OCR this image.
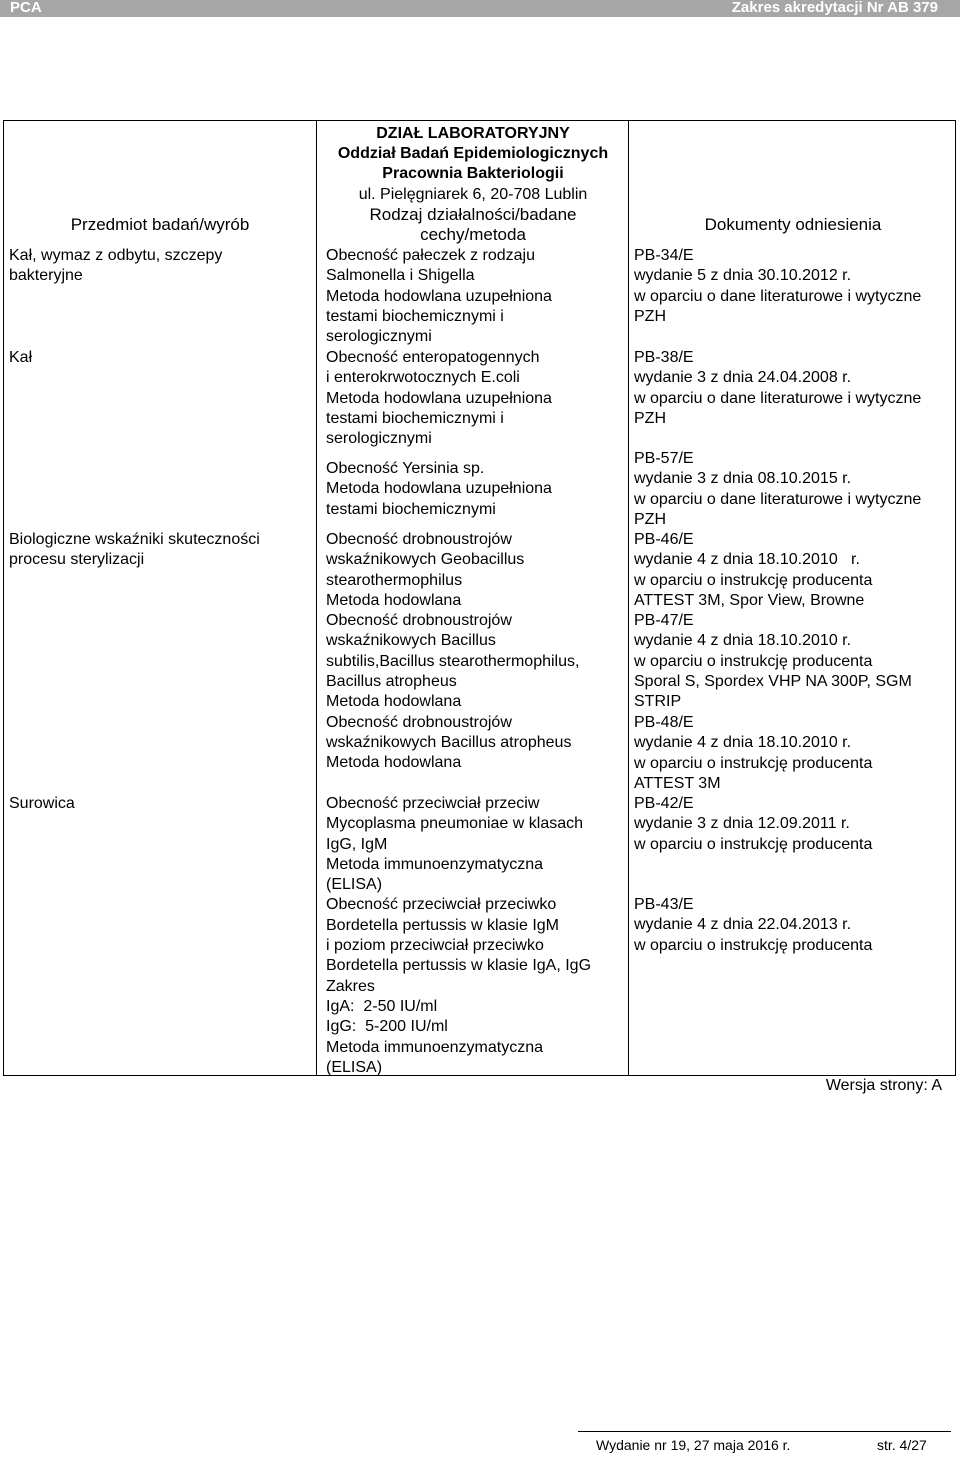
PCA	Zakres akredytacji Nr AB 379
DZIAŁ LABORATORYJNY
Oddział Badań Epidemiologicznych
Pracownia Bakteriologii
ul. Pielęgniarek 6, 20-708 Lublin
Przedmiot badań/wyrób
Rodzaj działalności/badane
cechy/metoda
Dokumenty odniesienia
Kał, wymaz z odbytu, szczepy
bakteryjne
Kał
Biologiczne wskaźniki skuteczności
procesu sterylizacji
Surowica
Obecność pałeczek z rodzaju
Salmonella i Shigella
Metoda hodowlana uzupełniona
testami biochemicznymi i
serologicznymi
Obecność enteropatogennych
i enterokrwotocznych E.coli
Metoda hodowlana uzupełniona
testami biochemicznymi i
serologicznymi
Obecność Yersinia sp.
Metoda hodowlana uzupełniona
testami biochemicznymi
Obecność drobnoustrojów
wskaźnikowych Geobacillus
stearothermophilus
Metoda hodowlana
Obecność drobnoustrojów
wskaźnikowych Bacillus
subtilis,Bacillus stearothermophilus,
Bacillus atropheus
Metoda hodowlana
Obecność drobnoustrojów
wskaźnikowych Bacillus atropheus
Metoda hodowlana
Obecność przeciwciał przeciw
Mycoplasma pneumoniae w klasach
IgG, IgM
Metoda immunoenzymatyczna
(ELISA)
Obecność przeciwciał przeciwko
Bordetella pertussis w klasie IgM
i poziom przeciwciał przeciwko
Bordetella pertussis w klasie IgA, IgG
Zakres
IgA:  2-50 IU/ml
IgG:  5-200 IU/ml
Metoda immunoenzymatyczna
(ELISA)
PB-34/E
wydanie 5 z dnia 30.10.2012 r.
w oparciu o dane literaturowe i wytyczne
PZH
PB-38/E
wydanie 3 z dnia 24.04.2008 r.
w oparciu o dane literaturowe i wytyczne
PZH
PB-57/E
wydanie 3 z dnia 08.10.2015 r.
w oparciu o dane literaturowe i wytyczne
PZH
PB-46/E
wydanie 4 z dnia 18.10.2010   r.
w oparciu o instrukcję producenta
ATTEST 3M, Spor View, Browne
PB-47/E
wydanie 4 z dnia 18.10.2010 r.
w oparciu o instrukcję producenta
Sporal S, Spordex VHP NA 300P, SGM
STRIP
PB-48/E
wydanie 4 z dnia 18.10.2010 r.
w oparciu o instrukcję producenta
ATTEST 3M
PB-42/E
wydanie 3 z dnia 12.09.2011 r.
w oparciu o instrukcję producenta
PB-43/E
wydanie 4 z dnia 22.04.2013 r.
w oparciu o instrukcję producenta
Wersja strony: A
Wydanie nr 19, 27 maja 2016 r.	str. 4/27
